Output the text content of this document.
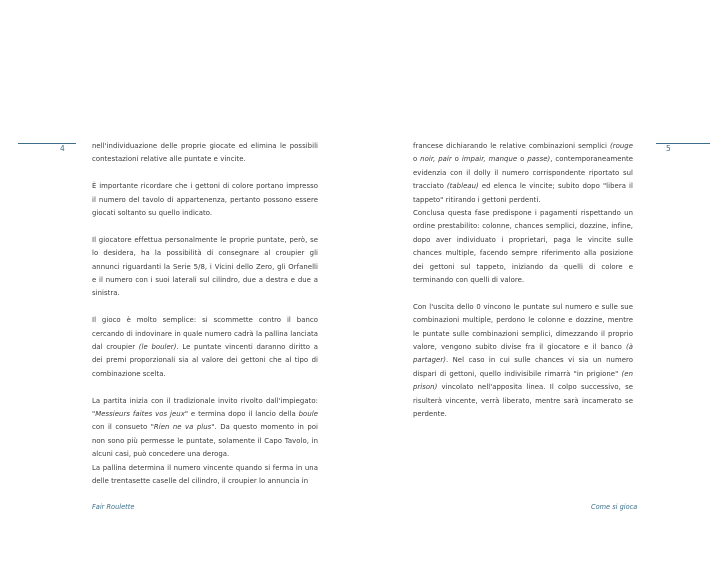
4	nell'individuazione delle proprie giocate ed elimina le possibili contestazioni relative alle puntate e vincite.

È importante ricordare che i gettoni di colore portano impresso il numero del tavolo di appartenenza, pertanto possono essere giocati soltanto su quello indicato.

Il giocatore effettua personalmente le proprie puntate, però, se lo desidera, ha la possibilità di consegnare al croupier gli annunci riguardanti la Serie 5/8, i Vicini dello Zero, gli Orfanelli e il numero con i suoi laterali sul cilindro, due a destra e due a sinistra.

Il gioco è molto semplice: si scommette contro il banco cercando di indovinare in quale numero cadrà la pallina lanciata dal croupier (le bouler). Le puntate vincenti daranno diritto a dei premi proporzionali sia al valore dei gettoni che al tipo di combinazione scelta.

La partita inizia con il tradizionale invito rivolto dall'impiegato: "Messieurs faites vos jeux" e termina dopo il lancio della boule con il consueto "Rien ne va plus". Da questo momento in poi non sono più permesse le puntate, solamente il Capo Tavolo, in alcuni casi, può concedere una deroga.

La pallina determina il numero vincente quando si ferma in una delle trentasette caselle del cilindro, il croupier lo annuncia in

Fair Roulette

francese dichiarando le relative combinazioni semplici (rouge o noir, pair o impair, manque o passe), contemporaneamente evidenzia con il dolly il numero corrispondente riportato sul tracciato (tableau) ed elenca le vincite; subito dopo "libera il tappeto" ritirando i gettoni perdenti.

Conclusa questa fase predispone i pagamenti rispettando un ordine prestabilito: colonne, chances semplici, dozzine, infine, dopo aver individuato i proprietari, paga le vincite sulle chances multiple, facendo sempre riferimento alla posizione dei gettoni sul tappeto, iniziando da quelli di colore e terminando con quelli di valore.

Con l'uscita dello 0 vincono le puntate sul numero e sulle sue combinazioni multiple, perdono le colonne e dozzine, mentre le puntate sulle combinazioni semplici, dimezzando il proprio valore, vengono subito divise fra il giocatore e il banco (à partager). Nel caso in cui sulle chances vi sia un numero dispari di gettoni, quello indivisibile rimarrà "in prigione" (en prison) vincolato nell'apposita linea. Il colpo successivo, se risulterà vincente, verrà liberato, mentre sarà incamerato se perdente.

5
Come si gioca
